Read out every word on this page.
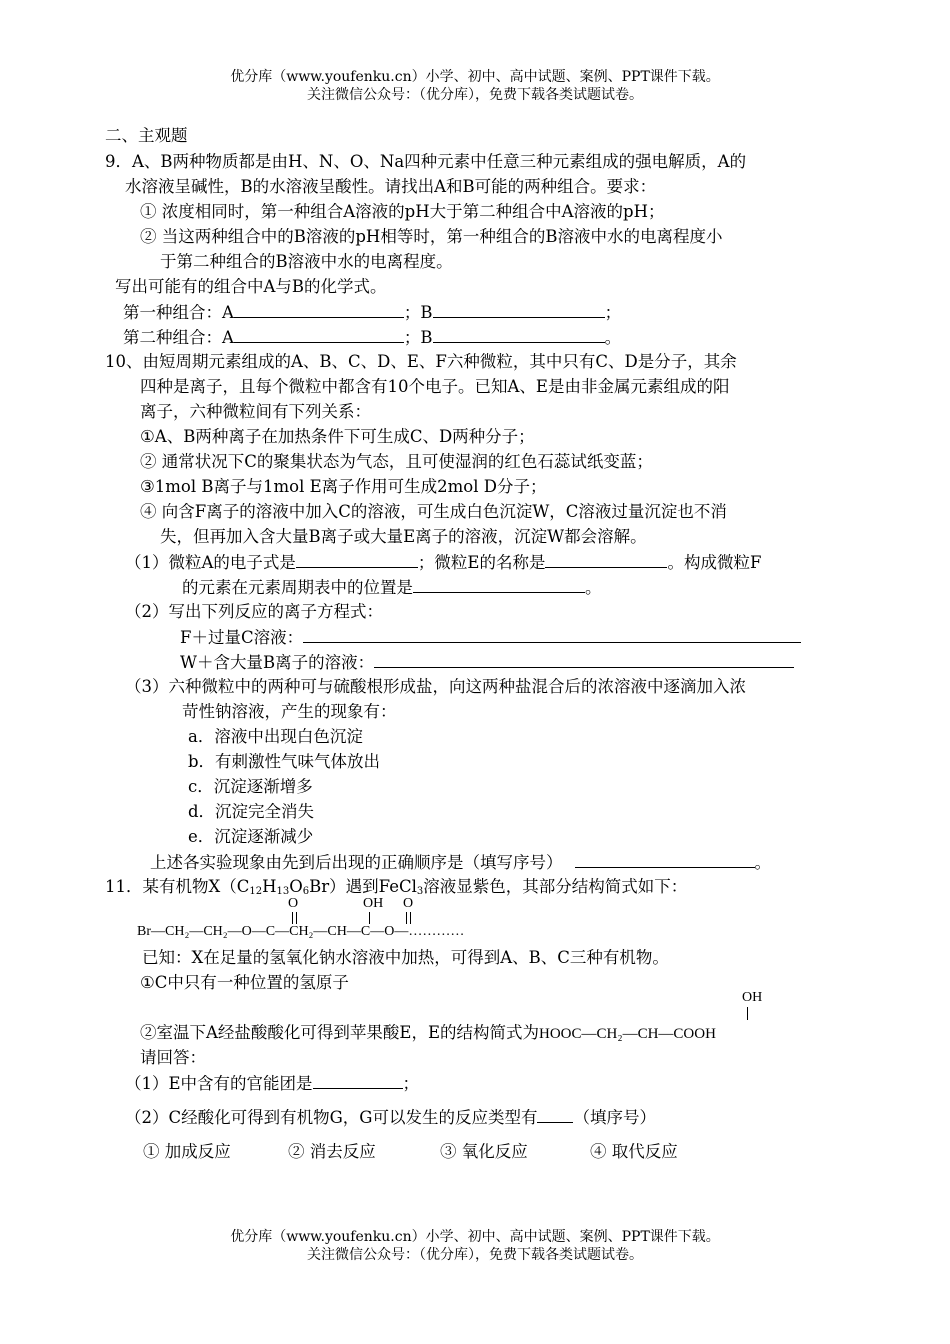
优分库（www.youfenku.cn）小学、初中、高中试题、案例、PPT课件下载。
关注微信公众号：（优分库），免费下载各类试题试卷。
二、主观题
9．A、B两种物质都是由H、N、O、Na四种元素中任意三种元素组成的强电解质，A的
水溶液呈碱性，B的水溶液呈酸性。请找出A和B可能的两种组合。要求：
① 浓度相同时，第一种组合A溶液的pH大于第二种组合中A溶液的pH；
② 当这两种组合中的B溶液的pH相等时，第一种组合的B溶液中水的电离程度小
于第二种组合的B溶液中水的电离程度。
写出可能有的组合中A与B的化学式。
第一种组合：A	；B	；
第二种组合：A	；B	。
10、由短周期元素组成的A、B、C、D、E、F六种微粒，其中只有C、D是分子，其余
四种是离子，且每个微粒中都含有10个电子。已知A、E是由非金属元素组成的阳
离子，六种微粒间有下列关系：
①A、B两种离子在加热条件下可生成C、D两种分子；
② 通常状况下C的聚集状态为气态，且可使湿润的红色石蕊试纸变蓝；
③1mol B离子与1mol E离子作用可生成2mol D分子；
④ 向含F离子的溶液中加入C的溶液，可生成白色沉淀W，C溶液过量沉淀也不消
失，但再加入含大量B离子或大量E离子的溶液，沉淀W都会溶解。
（1）微粒A的电子式是	；微粒E的名称是	。构成微粒F
的元素在元素周期表中的位置是	。
（2）写出下列反应的离子方程式：
F＋过量C溶液：
W＋含大量B离子的溶液：
（3）六种微粒中的两种可与硫酸根形成盐，向这两种盐混合后的浓溶液中逐滴加入浓
苛性钠溶液，产生的现象有：
a．溶液中出现白色沉淀
b．有刺激性气味气体放出
c．沉淀逐渐增多
d．沉淀完全消失
e．沉淀逐渐减少
上述各实验现象由先到后出现的正确顺序是（填写序号）	。
11．某有机物$X(C_{12}H_{13}O_6Br)$遇到FeCl$_3$溶液显紫色，其部分结构简式如下：
O	OH O
Br—CH₂—CH₂—O—C—CH₂—CH—C—O—…………
已知：X在足量的氢氧化钠水溶液中加热，可得到A、B、C三种有机物。
①C中只有一种位置的氢原子
OH
②室温下A经盐酸酸化可得到苹果酸E，E的结构简式为HOOC—CH₂—CH—COOH
请回答：
（1）E中含有的官能团是	；
（2）C经酸化可得到有机物G，G可以发生的反应类型有 （填序号）
① 加成反应	② 消去反应	③ 氧化反应	④ 取代反应
优分库（www.youfenku.cn）小学、初中、高中试题、案例、PPT课件下载。
关注微信公众号：（优分库），免费下载各类试题试卷。
